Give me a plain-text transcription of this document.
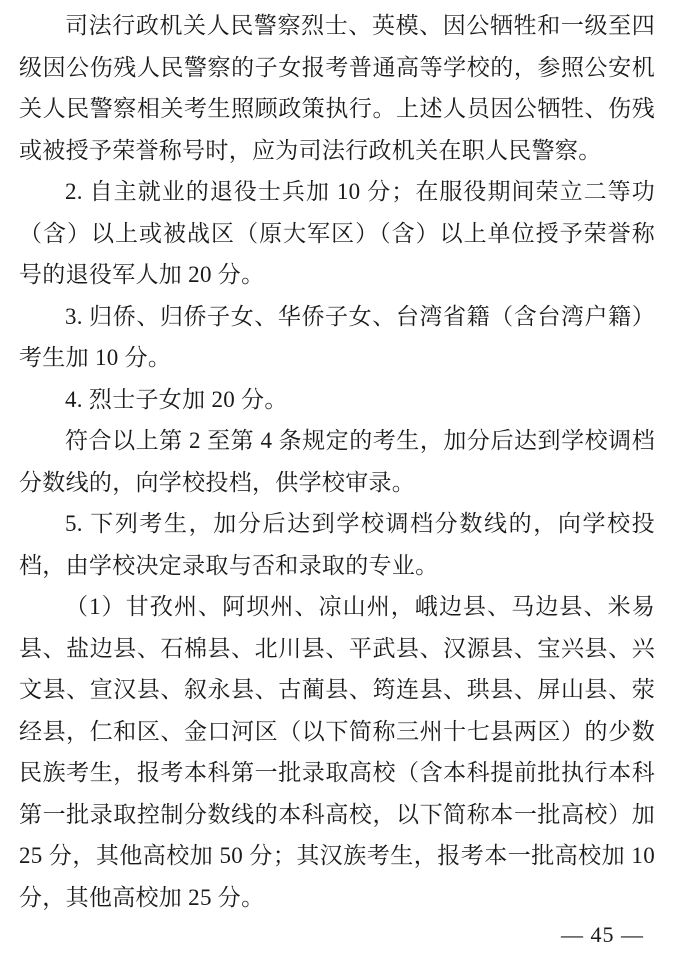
司法行政机关人民警察烈士、英模、因公牺牲和一级至四级因公伤残人民警察的子女报考普通高等学校的，参照公安机关人民警察相关考生照顾政策执行。上述人员因公牺牲、伤残或被授予荣誉称号时，应为司法行政机关在职人民警察。

2. 自主就业的退役士兵加 10 分；在服役期间荣立二等功（含）以上或被战区（原大军区）（含）以上单位授予荣誉称号的退役军人加 20 分。

3. 归侨、归侨子女、华侨子女、台湾省籍（含台湾户籍）考生加 10 分。

4. 烈士子女加 20 分。

符合以上第 2 至第 4 条规定的考生，加分后达到学校调档分数线的，向学校投档，供学校审录。

5. 下列考生，加分后达到学校调档分数线的，向学校投档，由学校决定录取与否和录取的专业。

（1）甘孜州、阿坝州、凉山州，峨边县、马边县、米易县、盐边县、石棉县、北川县、平武县、汉源县、宝兴县、兴文县、宣汉县、叙永县、古蔺县、筠连县、珙县、屏山县、荥经县，仁和区、金口河区（以下简称三州十七县两区）的少数民族考生，报考本科第一批录取高校（含本科提前批执行本科第一批录取控制分数线的本科高校，以下简称本一批高校）加 25 分，其他高校加 50 分；其汉族考生，报考本一批高校加 10 分，其他高校加 25 分。

— 45 —
